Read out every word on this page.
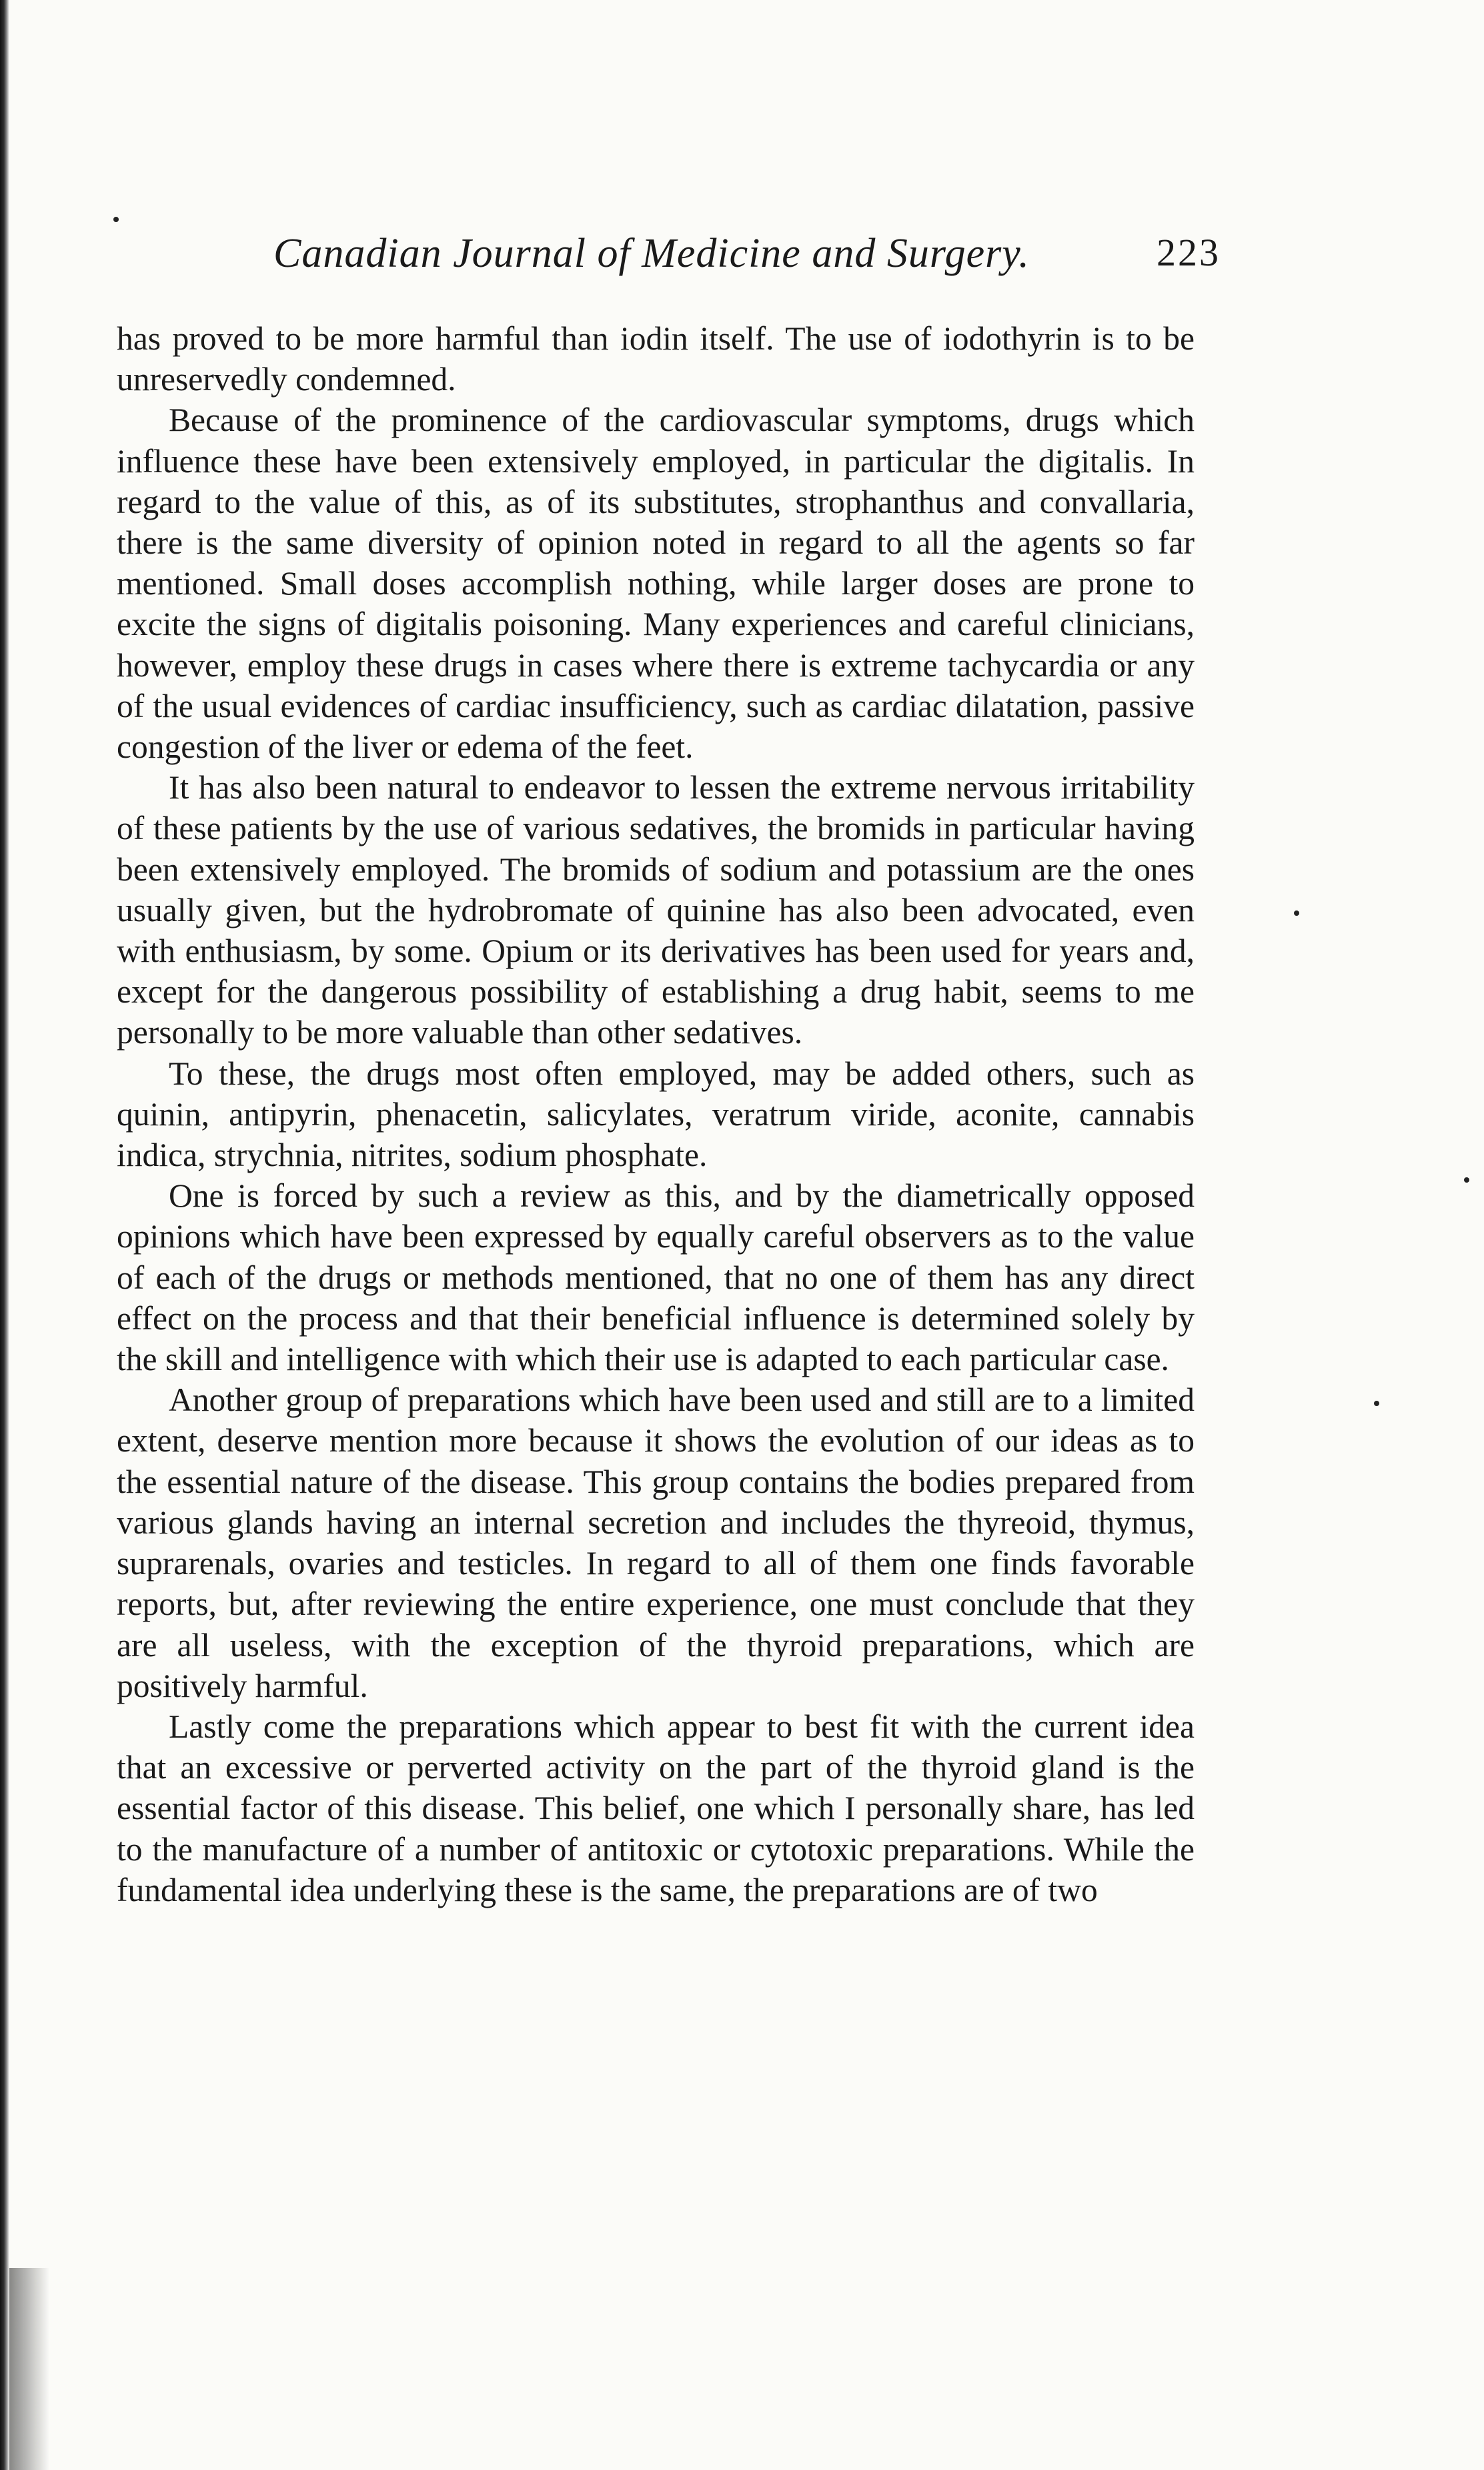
Canadian Journal of Medicine and Surgery.	223

has proved to be more harmful than iodin itself. The use of iodothyrin is to be unreservedly condemned.

Because of the prominence of the cardiovascular symptoms, drugs which influence these have been extensively employed, in particular the digitalis. In regard to the value of this, as of its substitutes, strophanthus and convallaria, there is the same diversity of opinion noted in regard to all the agents so far mentioned. Small doses accomplish nothing, while larger doses are prone to excite the signs of digitalis poisoning. Many experiences and careful clinicians, however, employ these drugs in cases where there is extreme tachycardia or any of the usual evidences of cardiac insufficiency, such as cardiac dilatation, passive congestion of the liver or edema of the feet.

It has also been natural to endeavor to lessen the extreme nervous irritability of these patients by the use of various sedatives, the bromids in particular having been extensively employed. The bromids of sodium and potassium are the ones usually given, but the hydrobromate of quinine has also been advocated, even with enthusiasm, by some. Opium or its derivatives has been used for years and, except for the dangerous possibility of establishing a drug habit, seems to me personally to be more valuable than other sedatives.

To these, the drugs most often employed, may be added others, such as quinin, antipyrin, phenacetin, salicylates, veratrum viride, aconite, cannabis indica, strychnia, nitrites, sodium phosphate.

One is forced by such a review as this, and by the diametrically opposed opinions which have been expressed by equally careful observers as to the value of each of the drugs or methods mentioned, that no one of them has any direct effect on the process and that their beneficial influence is determined solely by the skill and intelligence with which their use is adapted to each particular case.

Another group of preparations which have been used and still are to a limited extent, deserve mention more because it shows the evolution of our ideas as to the essential nature of the disease. This group contains the bodies prepared from various glands having an internal secretion and includes the thyreoid, thymus, suprarenals, ovaries and testicles. In regard to all of them one finds favorable reports, but, after reviewing the entire experience, one must conclude that they are all useless, with the exception of the thyroid preparations, which are positively harmful.

Lastly come the preparations which appear to best fit with the current idea that an excessive or perverted activity on the part of the thyroid gland is the essential factor of this disease. This belief, one which I personally share, has led to the manufacture of a number of antitoxic or cytotoxic preparations. While the fundamental idea underlying these is the same, the preparations are of two
